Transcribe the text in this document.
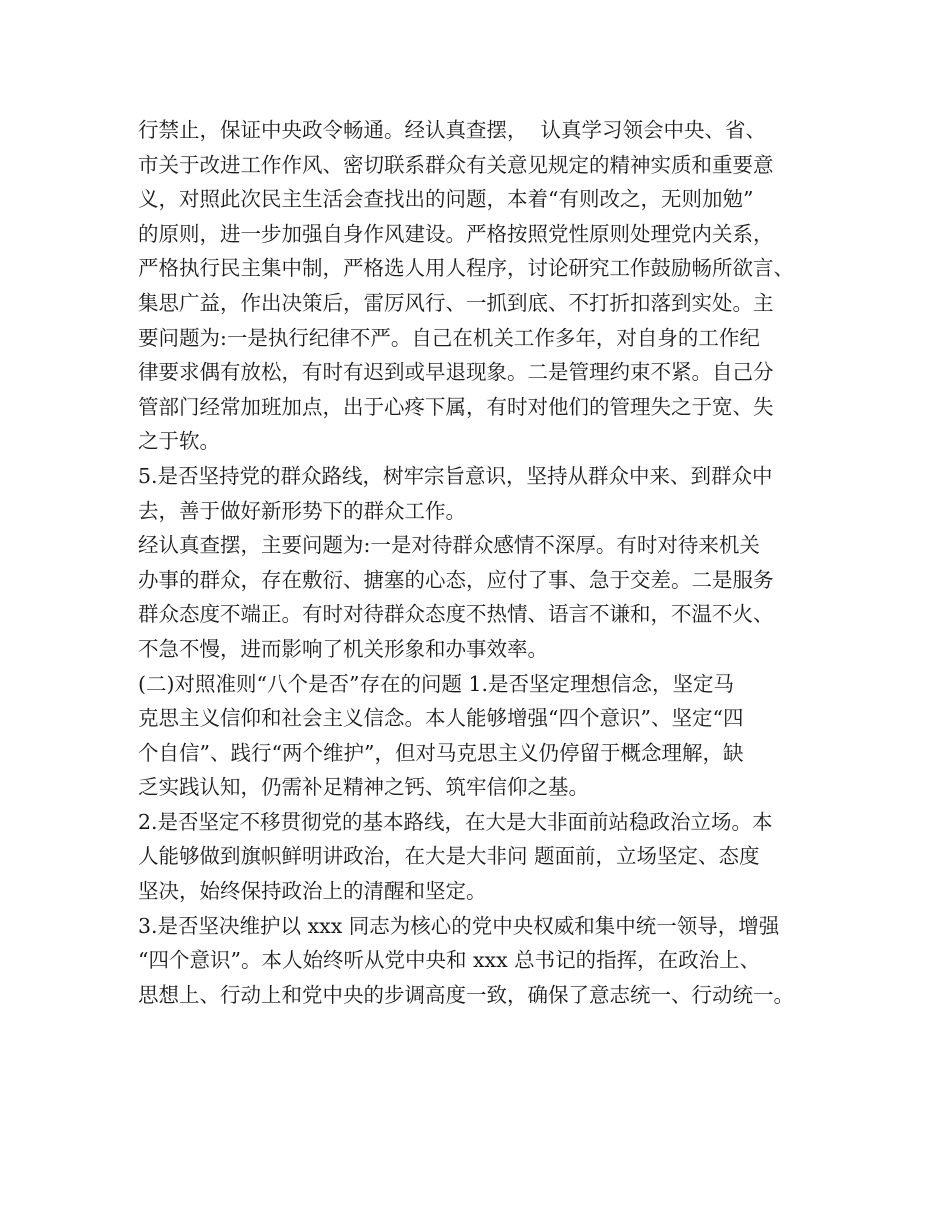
行禁止，保证中央政令畅通。经认真查摆，  认真学习领会中央、省、
市关于改进工作作风、密切联系群众有关意见规定的精神实质和重要意
义，对照此次民主生活会查找出的问题，本着“有则改之，无则加勉”
的原则，进一步加强自身作风建设。严格按照党性原则处理党内关系，
严格执行民主集中制，严格选人用人程序，讨论研究工作鼓励畅所欲言、
集思广益，作出决策后，雷厉风行、一抓到底、不打折扣落到实处。主
要问题为:一是执行纪律不严。自己在机关工作多年，对自身的工作纪
律要求偶有放松，有时有迟到或早退现象。二是管理约束不紧。自己分
管部门经常加班加点，出于心疼下属，有时对他们的管理失之于宽、失
之于软。
5.是否坚持党的群众路线，树牢宗旨意识，坚持从群众中来、到群众中
去，善于做好新形势下的群众工作。
经认真查摆，主要问题为:一是对待群众感情不深厚。有时对待来机关
办事的群众，存在敷衍、搪塞的心态，应付了事、急于交差。二是服务
群众态度不端正。有时对待群众态度不热情、语言不谦和，不温不火、
不急不慢，进而影响了机关形象和办事效率。
(二)对照准则“八个是否”存在的问题 1.是否坚定理想信念，坚定马
克思主义信仰和社会主义信念。本人能够增强“四个意识”、坚定“四
个自信”、践行“两个维护”，但对马克思主义仍停留于概念理解，缺
乏实践认知，仍需补足精神之钙、筑牢信仰之基。
2.是否坚定不移贯彻党的基本路线，在大是大非面前站稳政治立场。本
人能够做到旗帜鲜明讲政治，在大是大非问 题面前，立场坚定、态度
坚决，始终保持政治上的清醒和坚定。
3.是否坚决维护以 xxx 同志为核心的党中央权威和集中统一领导，增强
“四个意识”。本人始终听从党中央和 xxx 总书记的指挥，在政治上、
思想上、行动上和党中央的步调高度一致，确保了意志统一、行动统一。
